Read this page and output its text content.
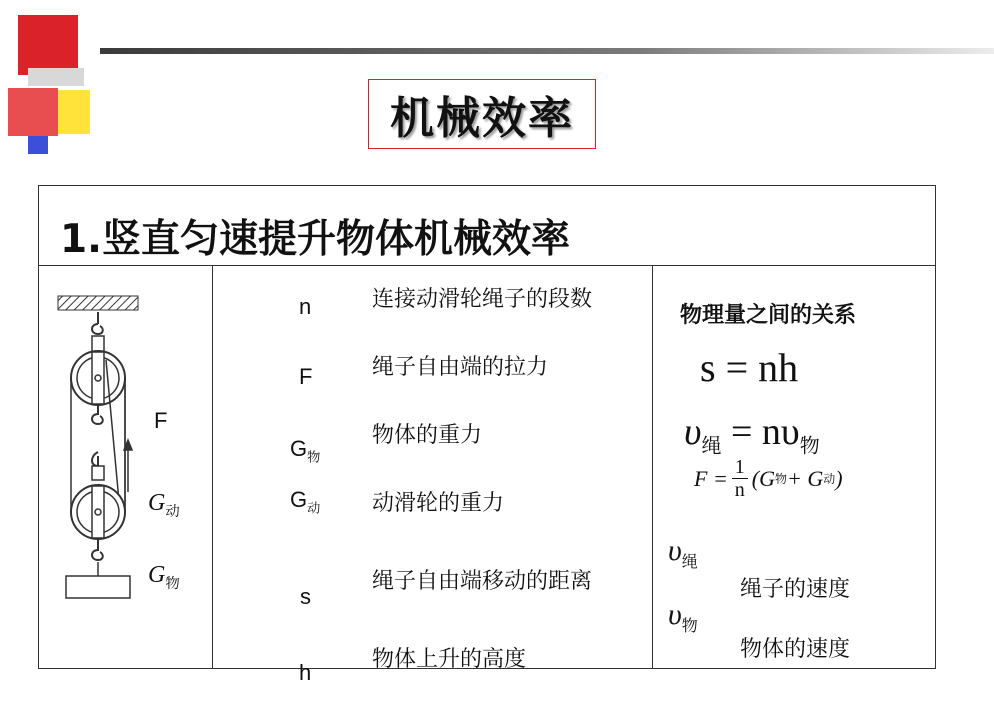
机械效率
1.竖直匀速提升物体机械效率
F
$G_动$
$G_物$
n
F
$G_物$
$G_动$
s
h
连接动滑轮绳子的段数
绳子自由端的拉力
物体的重力
动滑轮的重力
绳子自由端移动的距离
物体上升的高度
物理量之间的关系
s = nh
$\upsilon_绳 = n\upsilon_物$
$F = \frac{1}{n} (G$ 物 + G 动 )
$\upsilon_绳$
绳子的速度
$\upsilon_物$
物体的速度
